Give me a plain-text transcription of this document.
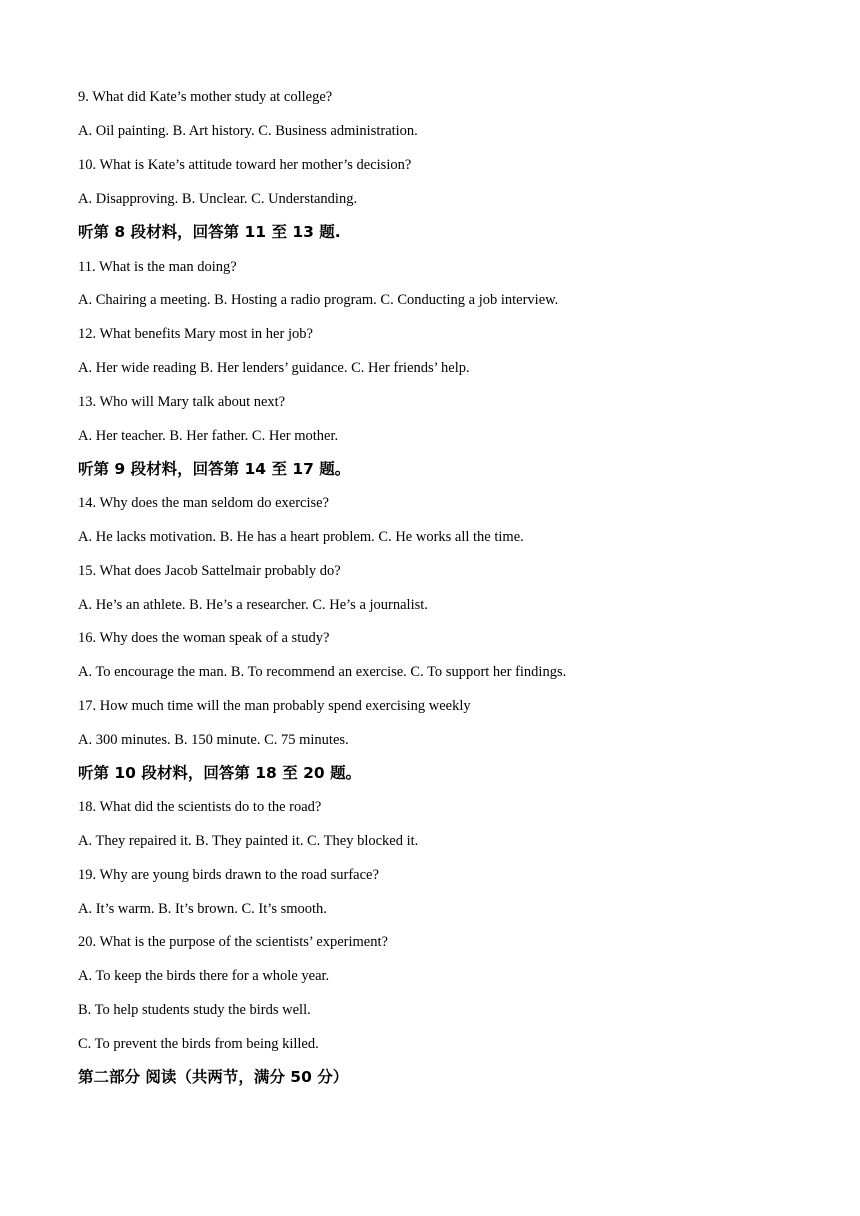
9. What did Kate’s mother study at college?
A. Oil painting. B. Art history. C. Business administration.
10. What is Kate’s attitude toward her mother’s decision?
A. Disapproving. B. Unclear. C. Understanding.
听第 8 段材料，回答第 11 至 13 题.
11. What is the man doing?
A. Chairing a meeting. B. Hosting a radio program. C. Conducting a job interview.
12. What benefits Mary most in her job?
A. Her wide reading B. Her lenders’ guidance. C. Her friends’ help.
13. Who will Mary talk about next?
A. Her teacher. B. Her father. C. Her mother.
听第 9 段材料，回答第 14 至 17 题。
14. Why does the man seldom do exercise?
A. He lacks motivation. B. He has a heart problem. C. He works all the time.
15. What does Jacob Sattelmair probably do?
A. He’s an athlete. B. He’s a researcher. C. He’s a journalist.
16. Why does the woman speak of a study?
A. To encourage the man. B. To recommend an exercise. C. To support her findings.
17. How much time will the man probably spend exercising weekly
A. 300 minutes. B. 150 minute. C. 75 minutes.
听第 10 段材料，回答第 18 至 20 题。
18. What did the scientists do to the road?
A. They repaired it. B. They painted it. C. They blocked it.
19. Why are young birds drawn to the road surface?
A. It’s warm. B. It’s brown. C. It’s smooth.
20. What is the purpose of the scientists’ experiment?
A. To keep the birds there for a whole year.
B. To help students study the birds well.
C. To prevent the birds from being killed.
第二部分 阅读（共两节，满分 50 分）
